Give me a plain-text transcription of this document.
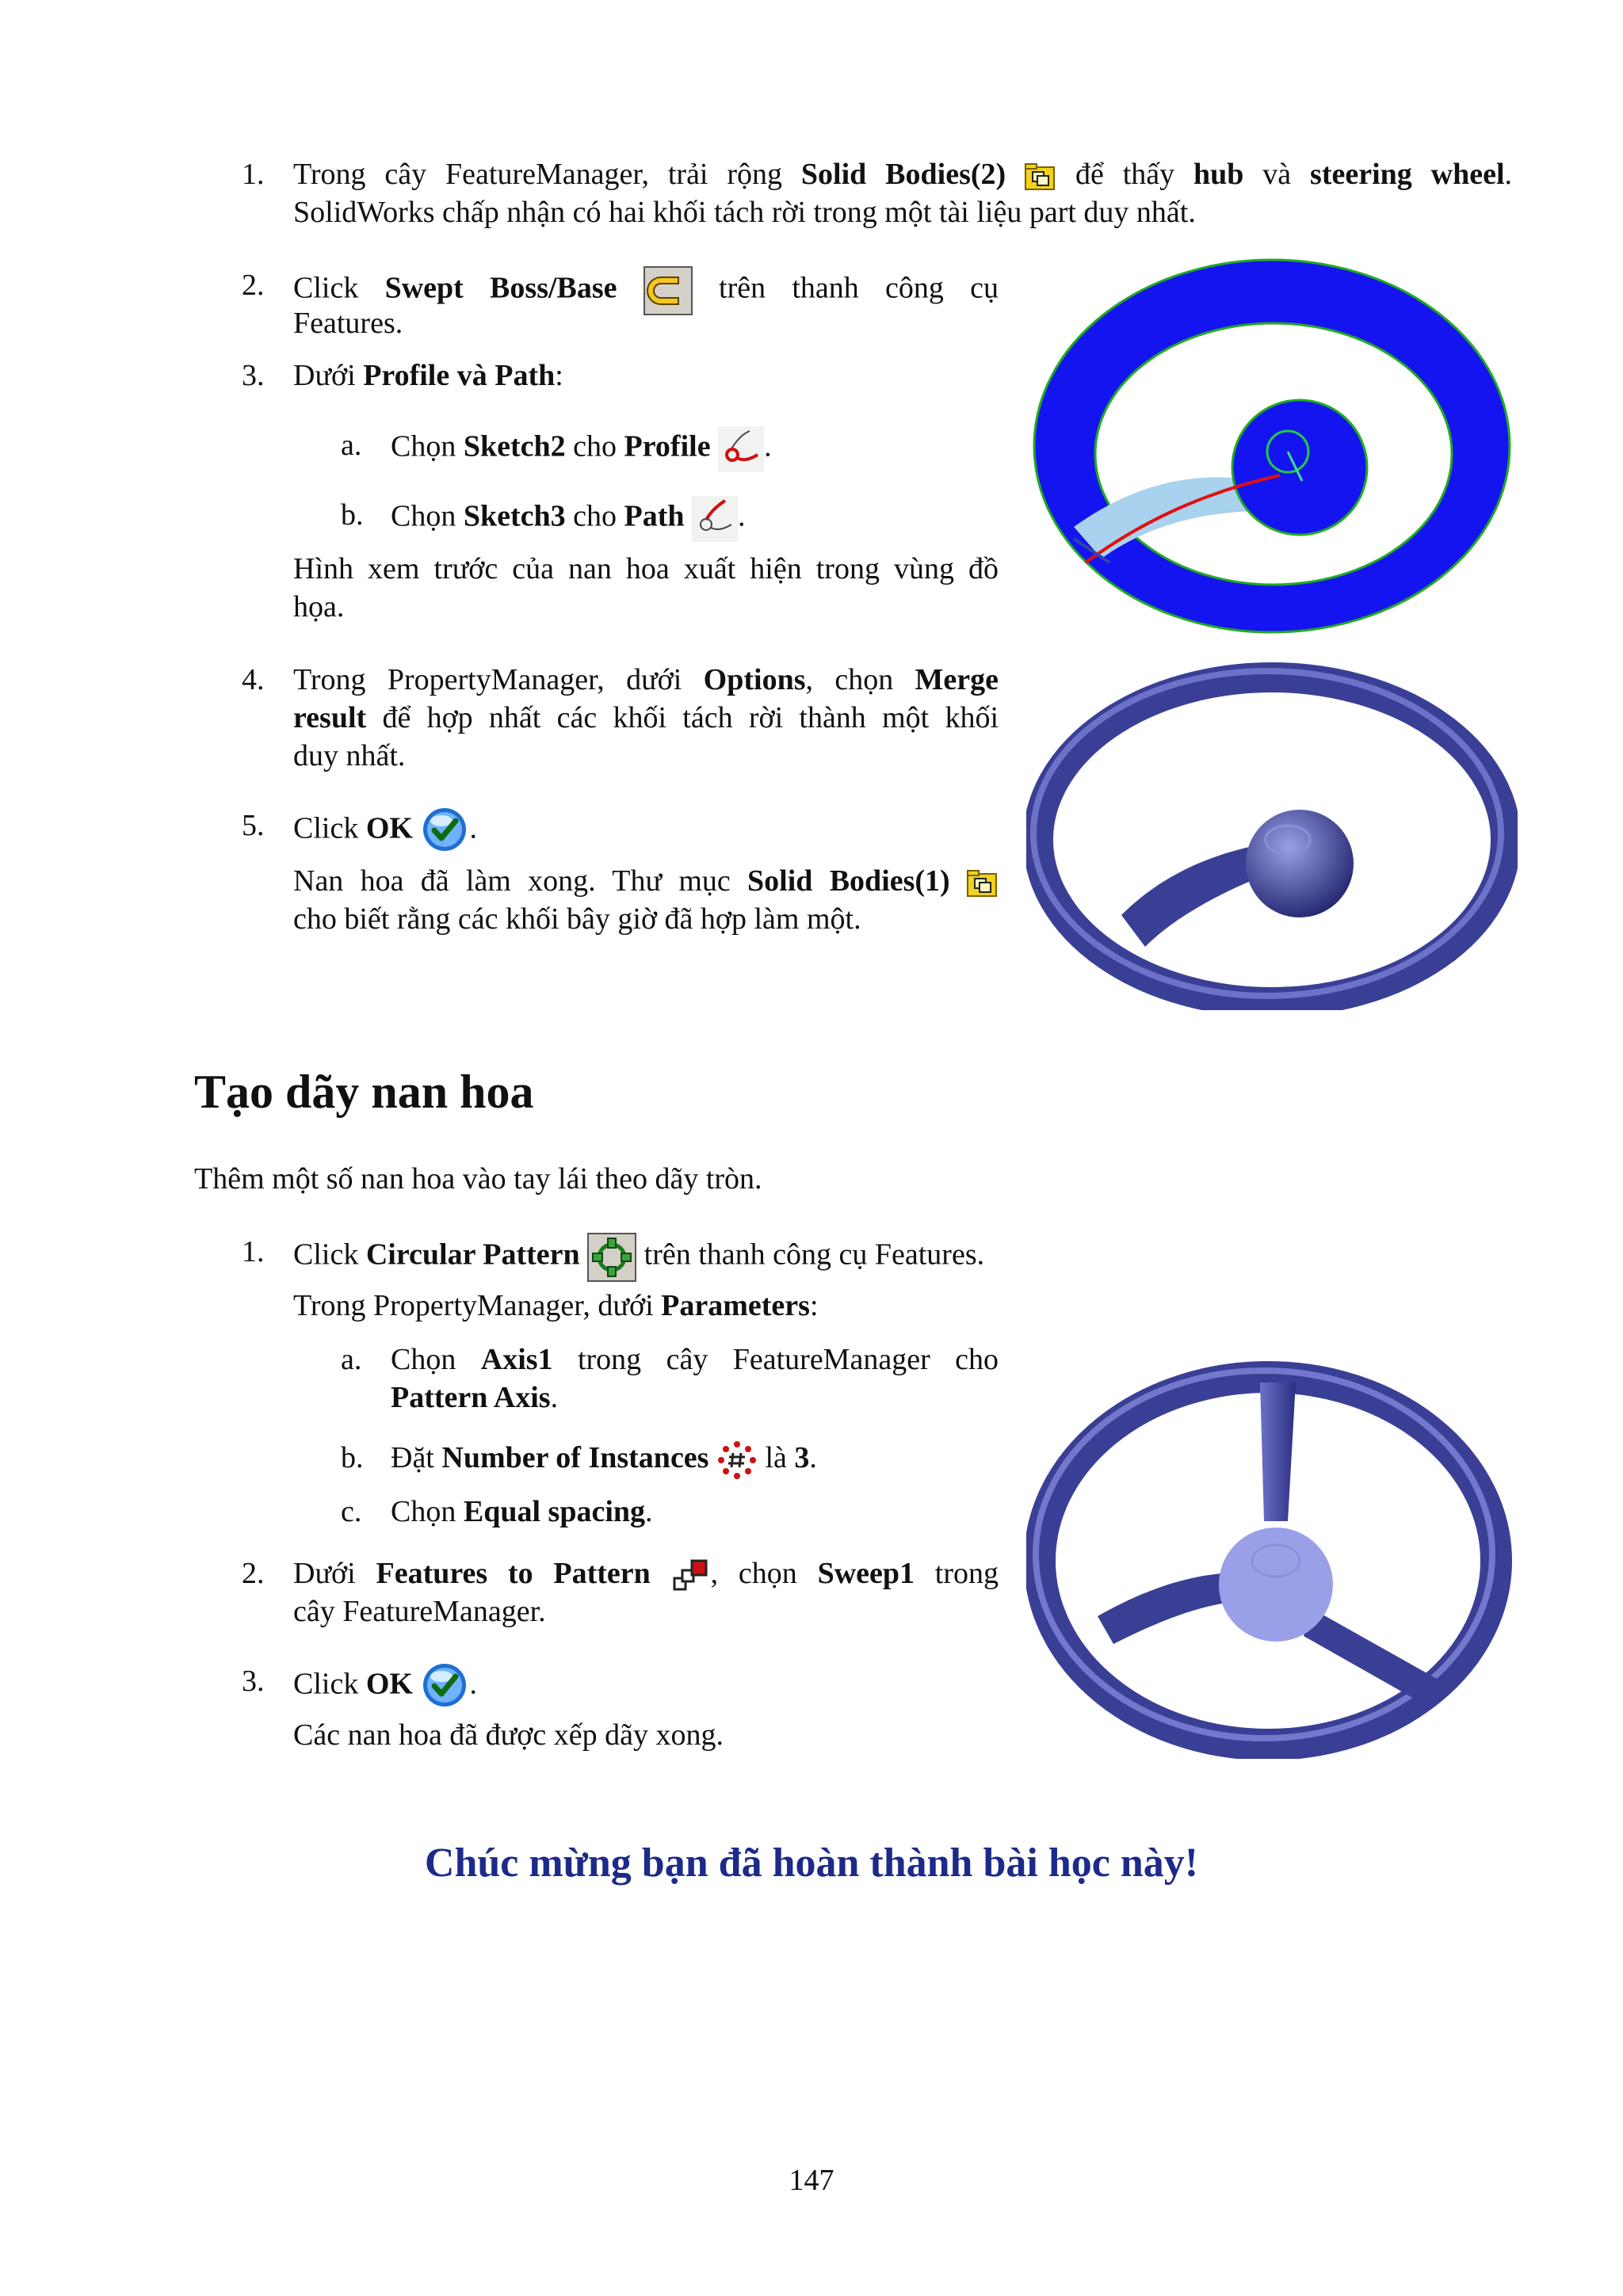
1. Trong cây FeatureManager, trải rộng Solid Bodies(2)
để thấy hub và steering wheel.
SolidWorks chấp nhận có hai khối tách rời trong một tài liệu part duy nhất.
2. Click Swept Boss/Base	trên thanh công cụ
Features.
3. Dưới Profile và Path:
a. Chọn Sketch2 cho Profile .
b. Chọn Sketch3 cho Path .
Hình xem trước của nan hoa xuất hiện trong vùng đồ
họa.
4. Trong PropertyManager, dưới Options, chọn Merge
result để hợp nhất các khối tách rời thành một khối
duy nhất.
5. Click OK .
Nan hoa đã làm xong. Thư mục Solid Bodies(1)
cho biết rằng các khối bây giờ đã hợp làm một.
Tạo dãy nan hoa
Thêm một số nan hoa vào tay lái theo dãy tròn.
1. Click Circular Pattern
trên thanh công cụ Features.
Trong PropertyManager, dưới Parameters:
a. Chọn Axis1 trong cây FeatureManager cho
Pattern Axis.
b. Đặt Number of Instances
là 3.
c. Chọn Equal spacing.
2. Dưới Features to Pattern , chọn Sweep1 trong
cây FeatureManager.
3. Click OK .
Các nan hoa đã được xếp dãy xong.
Chúc mừng bạn đã hoàn thành bài học này!
147
